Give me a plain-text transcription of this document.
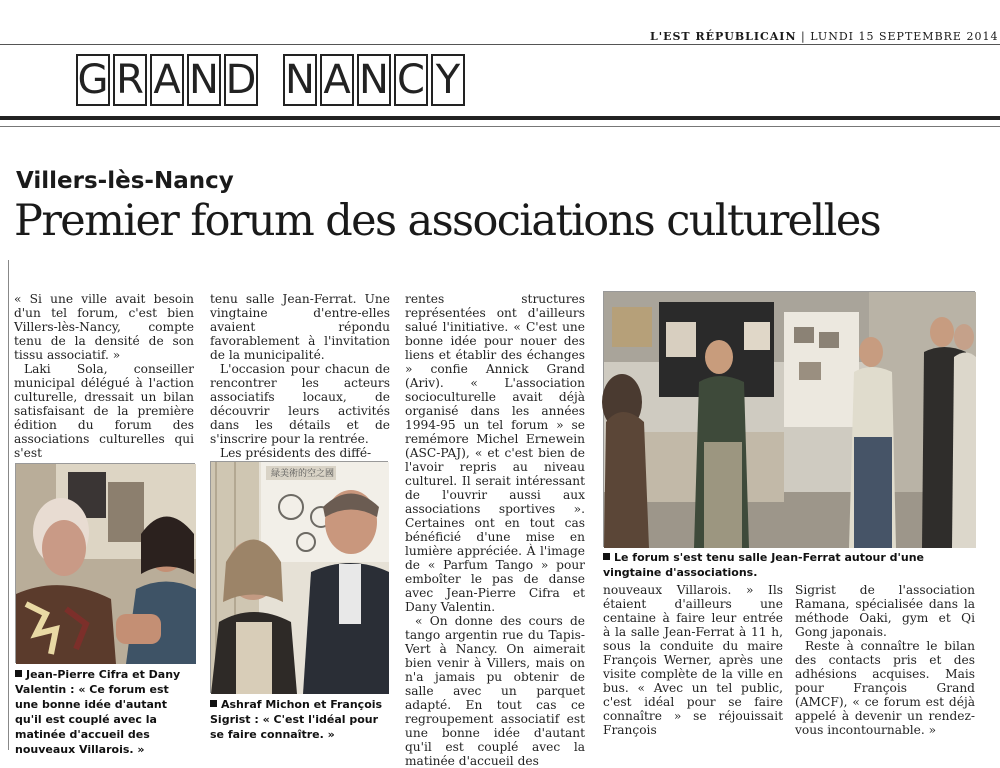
L'EST RÉPUBLICAIN | LUNDI 15 SEPTEMBRE 2014
G R A N D N A N C Y
Villers-lès-Nancy
Premier forum des associations culturelles

« Si une ville avait besoin d'un tel forum, c'est bien Villers-lès-Nancy, compte tenu de la densité de son tissu associatif. »

Laki Sola, conseiller municipal délégué à l'action culturelle, dressait un bilan satisfaisant de la première édition du forum des associations culturelles qui s'est

tenu salle Jean-Ferrat. Une vingtaine d'entre-elles avaient répondu favorablement à l'invitation de la municipalité.

L'occasion pour chacun de rencontrer les acteurs associatifs locaux, de découvrir leurs activités dans les détails et de s'inscrire pour la rentrée.

Les présidents des diffé-

rentes structures représentées ont d'ailleurs salué l'initiative. « C'est une bonne idée pour nouer des liens et établir des échanges » confie Annick Grand (Ariv). « L'association socioculturelle avait déjà organisé dans les années 1994-95 un tel forum » se remémore Michel Ernewein (ASC-PAJ), « et c'est bien de l'avoir repris au niveau culturel. Il serait intéressant de l'ouvrir aussi aux associations sportives ». Certaines ont en tout cas bénéficié d'une mise en lumière appréciée. À l'image de « Parfum Tango » pour emboîter le pas de danse avec Jean-Pierre Cifra et Dany Valentin.

« On donne des cours de tango argentin rue du Tapis-Vert à Nancy. On aimerait bien venir à Villers, mais on n'a jamais pu obtenir de salle avec un parquet adapté. En tout cas ce regroupement associatif est une bonne idée d'autant qu'il est couplé avec la matinée d'accueil des

nouveaux Villarois. » Ils étaient d'ailleurs une centaine à faire leur entrée à la salle Jean-Ferrat à 11 h, sous la conduite du maire François Werner, après une visite complète de la ville en bus. « Avec un tel public, c'est idéal pour se faire connaître » se réjouissait François

Sigrist de l'association Ramana, spécialisée dans la méthode Oaki, gym et Qi Gong japonais.

Reste à connaître le bilan des contacts pris et des adhésions acquises. Mais pour François Grand (AMCF), « ce forum est déjà appelé à devenir un rendez-vous incontournable. »

Jean-Pierre Cifra et Dany Valentin : « Ce forum est une bonne idée d'autant qu'il est couplé avec la matinée d'accueil des nouveaux Villarois. »
緑美術的空之國
Ashraf Michon et François Sigrist : « C'est l'idéal pour se faire connaître. »
Le forum s'est tenu salle Jean-Ferrat autour d'une vingtaine d'associations.
